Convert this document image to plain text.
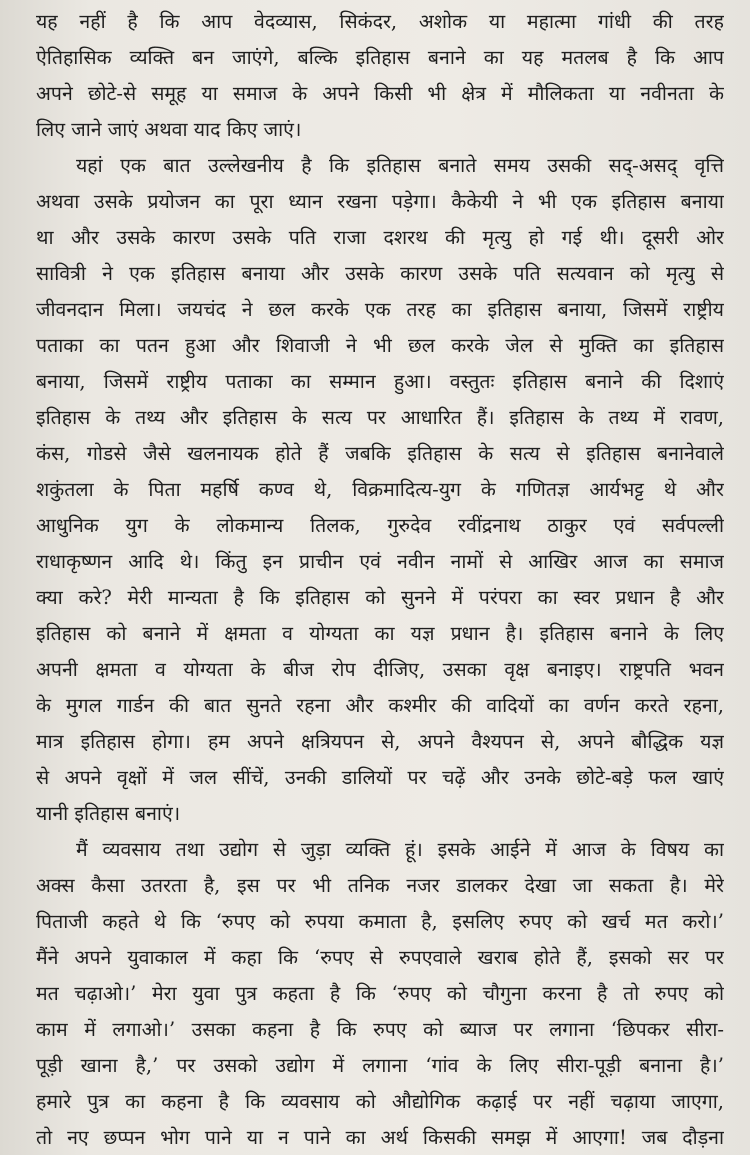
यह नहीं है कि आप वेदव्यास, सिकंदर, अशोक या महात्मा गांधी की तरह
ऐतिहासिक व्यक्ति बन जाएंगे, बल्कि इतिहास बनाने का यह मतलब है कि आप
अपने छोटे-से समूह या समाज के अपने किसी भी क्षेत्र में मौलिकता या नवीनता के
लिए जाने जाएं अथवा याद किए जाएं।
यहां एक बात उल्लेखनीय है कि इतिहास बनाते समय उसकी सद्-असद् वृत्ति
अथवा उसके प्रयोजन का पूरा ध्यान रखना पड़ेगा। कैकेयी ने भी एक इतिहास बनाया
था और उसके कारण उसके पति राजा दशरथ की मृत्यु हो गई थी। दूसरी ओर
सावित्री ने एक इतिहास बनाया और उसके कारण उसके पति सत्यवान को मृत्यु से
जीवनदान मिला। जयचंद ने छल करके एक तरह का इतिहास बनाया, जिसमें राष्ट्रीय
पताका का पतन हुआ और शिवाजी ने भी छल करके जेल से मुक्ति का इतिहास
बनाया, जिसमें राष्ट्रीय पताका का सम्मान हुआ। वस्तुतः इतिहास बनाने की दिशाएं
इतिहास के तथ्य और इतिहास के सत्य पर आधारित हैं। इतिहास के तथ्य में रावण,
कंस, गोडसे जैसे खलनायक होते हैं जबकि इतिहास के सत्य से इतिहास बनानेवाले
शकुंतला के पिता महर्षि कण्व थे, विक्रमादित्य-युग के गणितज्ञ आर्यभट्ट थे और
आधुनिक युग के लोकमान्य तिलक, गुरुदेव रवींद्रनाथ ठाकुर एवं सर्वपल्ली
राधाकृष्णन आदि थे। किंतु इन प्राचीन एवं नवीन नामों से आखिर आज का समाज
क्या करे? मेरी मान्यता है कि इतिहास को सुनने में परंपरा का स्वर प्रधान है और
इतिहास को बनाने में क्षमता व योग्यता का यज्ञ प्रधान है। इतिहास बनाने के लिए
अपनी क्षमता व योग्यता के बीज रोप दीजिए, उसका वृक्ष बनाइए। राष्ट्रपति भवन
के मुगल गार्डन की बात सुनते रहना और कश्मीर की वादियों का वर्णन करते रहना,
मात्र इतिहास होगा। हम अपने क्षत्रियपन से, अपने वैश्यपन से, अपने बौद्धिक यज्ञ
से अपने वृक्षों में जल सींचें, उनकी डालियों पर चढ़ें और उनके छोटे-बड़े फल खाएं
यानी इतिहास बनाएं।
मैं व्यवसाय तथा उद्योग से जुड़ा व्यक्ति हूं। इसके आईने में आज के विषय का
अक्स कैसा उतरता है, इस पर भी तनिक नजर डालकर देखा जा सकता है। मेरे
पिताजी कहते थे कि ‘रुपए को रुपया कमाता है, इसलिए रुपए को खर्च मत करो।’
मैंने अपने युवाकाल में कहा कि ‘रुपए से रुपएवाले खराब होते हैं, इसको सर पर
मत चढ़ाओ।’ मेरा युवा पुत्र कहता है कि ‘रुपए को चौगुना करना है तो रुपए को
काम में लगाओ।’ उसका कहना है कि रुपए को ब्याज पर लगाना ‘छिपकर सीरा-
पूड़ी खाना है,’ पर उसको उद्योग में लगाना ‘गांव के लिए सीरा-पूड़ी बनाना है।’
हमारे पुत्र का कहना है कि व्यवसाय को औद्योगिक कढ़ाई पर नहीं चढ़ाया जाएगा,
तो नए छप्पन भोग पाने या न पाने का अर्थ किसकी समझ में आएगा! जब दौड़ना
